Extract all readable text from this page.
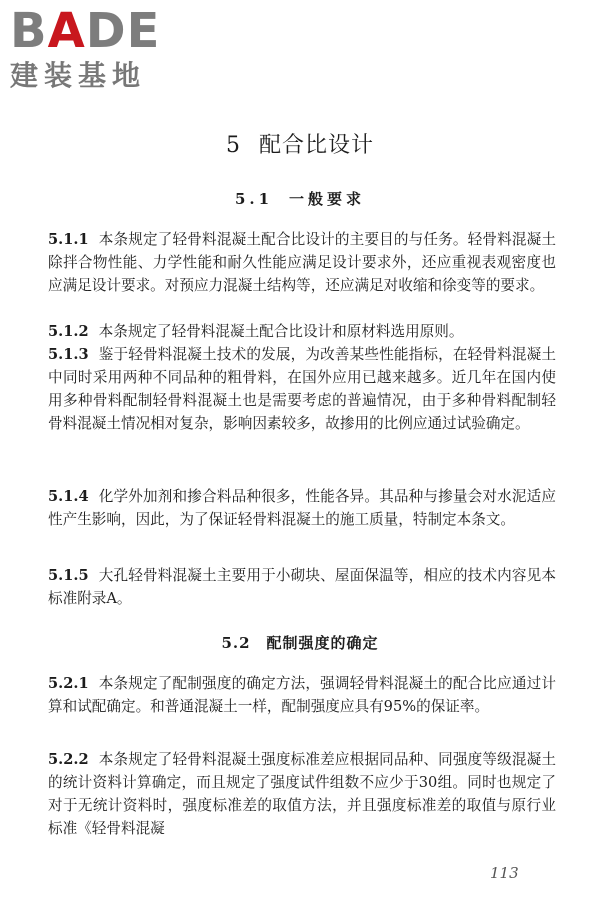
BADE
建装基地
5 配合比设计
5.1 一般要求
5.1.1 本条规定了轻骨料混凝土配合比设计的主要目的与任务。轻骨料混凝土除拌合物性能、力学性能和耐久性能应满足设计要求外，还应重视表观密度也应满足设计要求。对预应力混凝土结构等，还应满足对收缩和徐变等的要求。
5.1.2 本条规定了轻骨料混凝土配合比设计和原材料选用原则。
5.1.3 鉴于轻骨料混凝土技术的发展，为改善某些性能指标，在轻骨料混凝土中同时采用两种不同品种的粗骨料，在国外应用已越来越多。近几年在国内使用多种骨料配制轻骨料混凝土也是需要考虑的普遍情况，由于多种骨料配制轻骨料混凝土情况相对复杂，影响因素较多，故掺用的比例应通过试验确定。
5.1.4 化学外加剂和掺合料品种很多，性能各异。其品种与掺量会对水泥适应性产生影响，因此，为了保证轻骨料混凝土的施工质量，特制定本条文。
5.1.5 大孔轻骨料混凝土主要用于小砌块、屋面保温等，相应的技术内容见本标准附录A。
5.2 配制强度的确定
5.2.1 本条规定了配制强度的确定方法，强调轻骨料混凝土的配合比应通过计算和试配确定。和普通混凝土一样，配制强度应具有95%的保证率。
5.2.2 本条规定了轻骨料混凝土强度标准差应根据同品种、同强度等级混凝土的统计资料计算确定，而且规定了强度试件组数不应少于30组。同时也规定了对于无统计资料时，强度标准差的取值方法，并且强度标准差的取值与原行业标准《轻骨料混凝
113
